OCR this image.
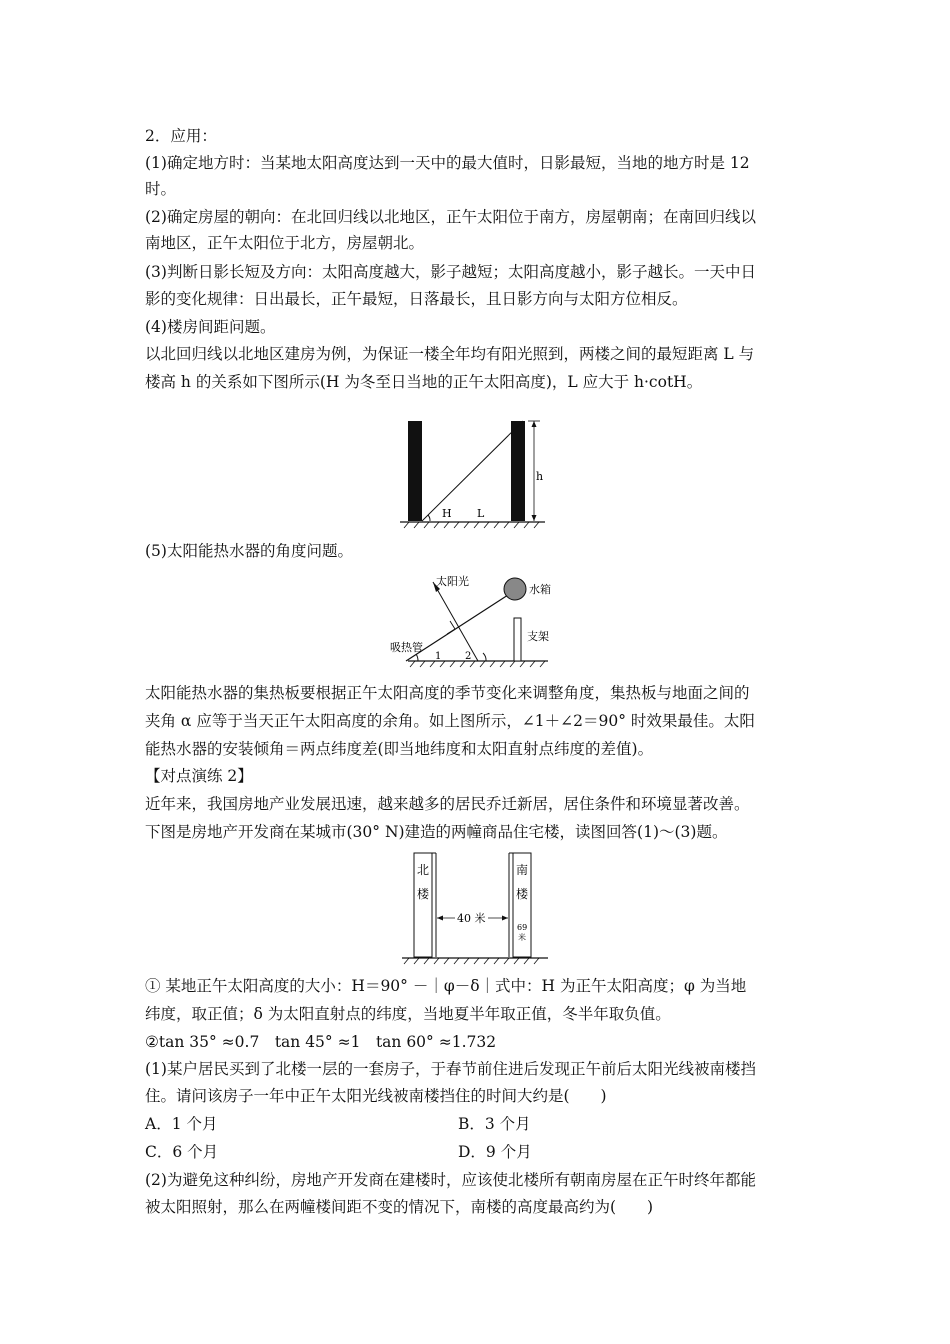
2．应用：
(1)确定地方时：当某地太阳高度达到一天中的最大值时，日影最短，当地的地方时是 12
时。
(2)确定房屋的朝向：在北回归线以北地区，正午太阳位于南方，房屋朝南；在南回归线以
南地区，正午太阳位于北方，房屋朝北。
(3)判断日影长短及方向：太阳高度越大，影子越短；太阳高度越小，影子越长。一天中日
影的变化规律：日出最长，正午最短，日落最长，且日影方向与太阳方位相反。
(4)楼房间距问题。
以北回归线以北地区建房为例，为保证一楼全年均有阳光照到，两楼之间的最短距离 L 与
楼高 h 的关系如下图所示(H 为冬至日当地的正午太阳高度)，L 应大于 h·cotH。
h
H L
(5)太阳能热水器的角度问题。
太阳光
水箱
支架
吸热管
1 2
太阳能热水器的集热板要根据正午太阳高度的季节变化来调整角度，集热板与地面之间的
夹角 α 应等于当天正午太阳高度的余角。如上图所示，∠1＋∠2＝90° 时效果最佳。太阳
能热水器的安装倾角＝两点纬度差(即当地纬度和太阳直射点纬度的差值)。
【对点演练 2】
近年来，我国房地产业发展迅速，越来越多的居民乔迁新居，居住条件和环境显著改善。
下图是房地产开发商在某城市(30° N)建造的两幢商品住宅楼，读图回答(1)～(3)题。
北
楼
南
楼
69
米
40 米
① 某地正午太阳高度的大小：H＝90° －｜φ－δ｜式中：H 为正午太阳高度；φ 为当地
纬度，取正值；δ 为太阳直射点的纬度，当地夏半年取正值，冬半年取负值。
②tan 35° ≈0.7　tan 45° ≈1　tan 60° ≈1.732
(1)某户居民买到了北楼一层的一套房子，于春节前住进后发现正午前后太阳光线被南楼挡
住。请问该房子一年中正午太阳光线被南楼挡住的时间大约是(　　)
A．1 个月	B．3 个月
C．6 个月	D．9 个月
(2)为避免这种纠纷，房地产开发商在建楼时，应该使北楼所有朝南房屋在正午时终年都能
被太阳照射，那么在两幢楼间距不变的情况下，南楼的高度最高约为(　　)
